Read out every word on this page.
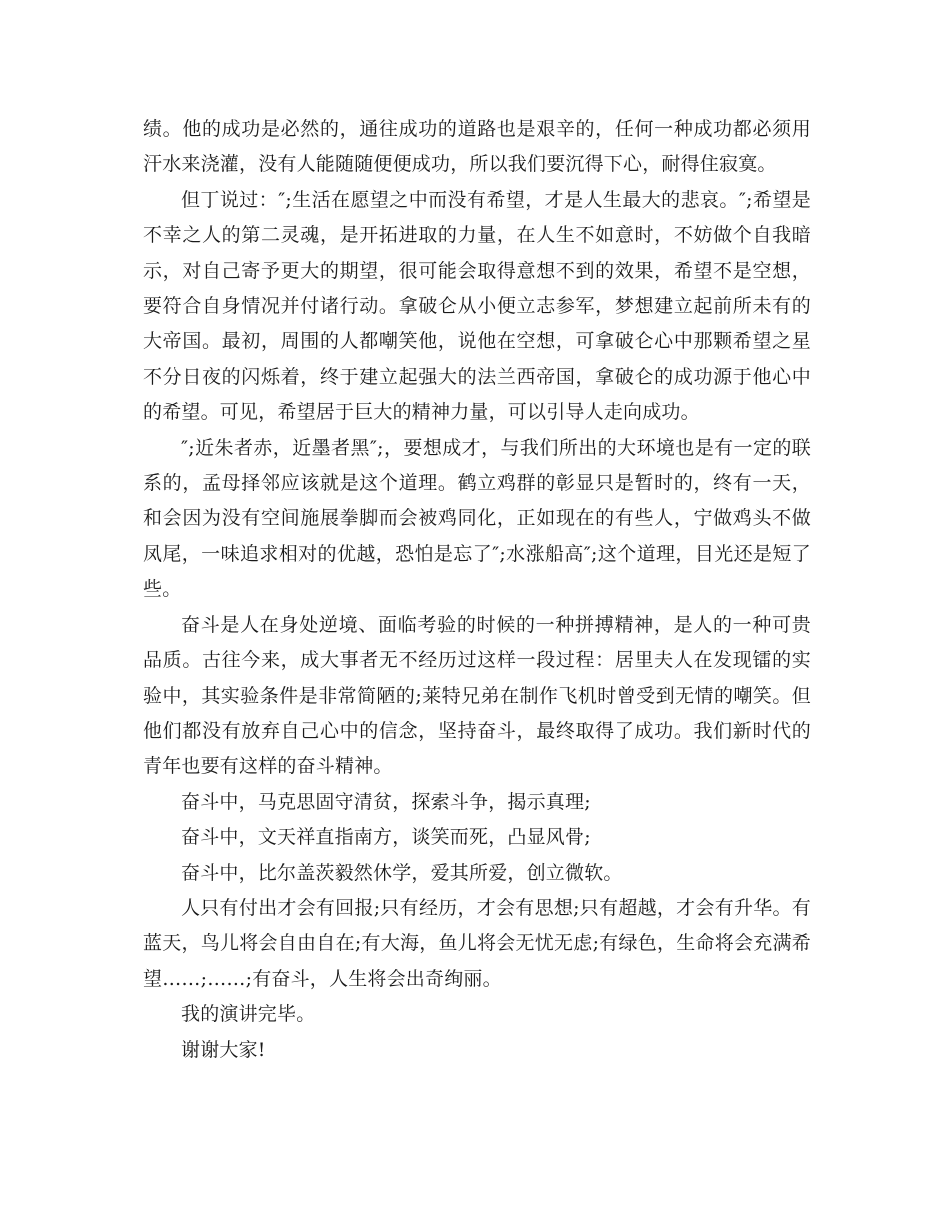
绩。他的成功是必然的，通往成功的道路也是艰辛的，任何一种成功都必须用汗水来浇灌，没有人能随随便便成功，所以我们要沉得下心，耐得住寂寞。

但丁说过：″;生活在愿望之中而没有希望，才是人生最大的悲哀。″;希望是不幸之人的第二灵魂，是开拓进取的力量，在人生不如意时，不妨做个自我暗示，对自己寄予更大的期望，很可能会取得意想不到的效果，希望不是空想，要符合自身情况并付诸行动。拿破仑从小便立志参军，梦想建立起前所未有的大帝国。最初，周围的人都嘲笑他，说他在空想，可拿破仑心中那颗希望之星不分日夜的闪烁着，终于建立起强大的法兰西帝国，拿破仑的成功源于他心中的希望。可见，希望居于巨大的精神力量，可以引导人走向成功。

″;近朱者赤，近墨者黑″;，要想成才，与我们所出的大环境也是有一定的联系的，孟母择邻应该就是这个道理。鹤立鸡群的彰显只是暂时的，终有一天，和会因为没有空间施展拳脚而会被鸡同化，正如现在的有些人，宁做鸡头不做凤尾，一味追求相对的优越，恐怕是忘了″;水涨船高″;这个道理，目光还是短了些。

奋斗是人在身处逆境、面临考验的时候的一种拼搏精神，是人的一种可贵品质。古往今来，成大事者无不经历过这样一段过程：居里夫人在发现镭的实验中，其实验条件是非常简陋的;莱特兄弟在制作飞机时曾受到无情的嘲笑。但他们都没有放弃自己心中的信念，坚持奋斗，最终取得了成功。我们新时代的青年也要有这样的奋斗精神。

奋斗中，马克思固守清贫，探索斗争，揭示真理;

奋斗中，文天祥直指南方，谈笑而死，凸显风骨;

奋斗中，比尔盖茨毅然休学，爱其所爱，创立微软。

人只有付出才会有回报;只有经历，才会有思想;只有超越，才会有升华。有蓝天，鸟儿将会自由自在;有大海，鱼儿将会无忧无虑;有绿色，生命将会充满希望……;……;有奋斗，人生将会出奇绚丽。

我的演讲完毕。

谢谢大家!
